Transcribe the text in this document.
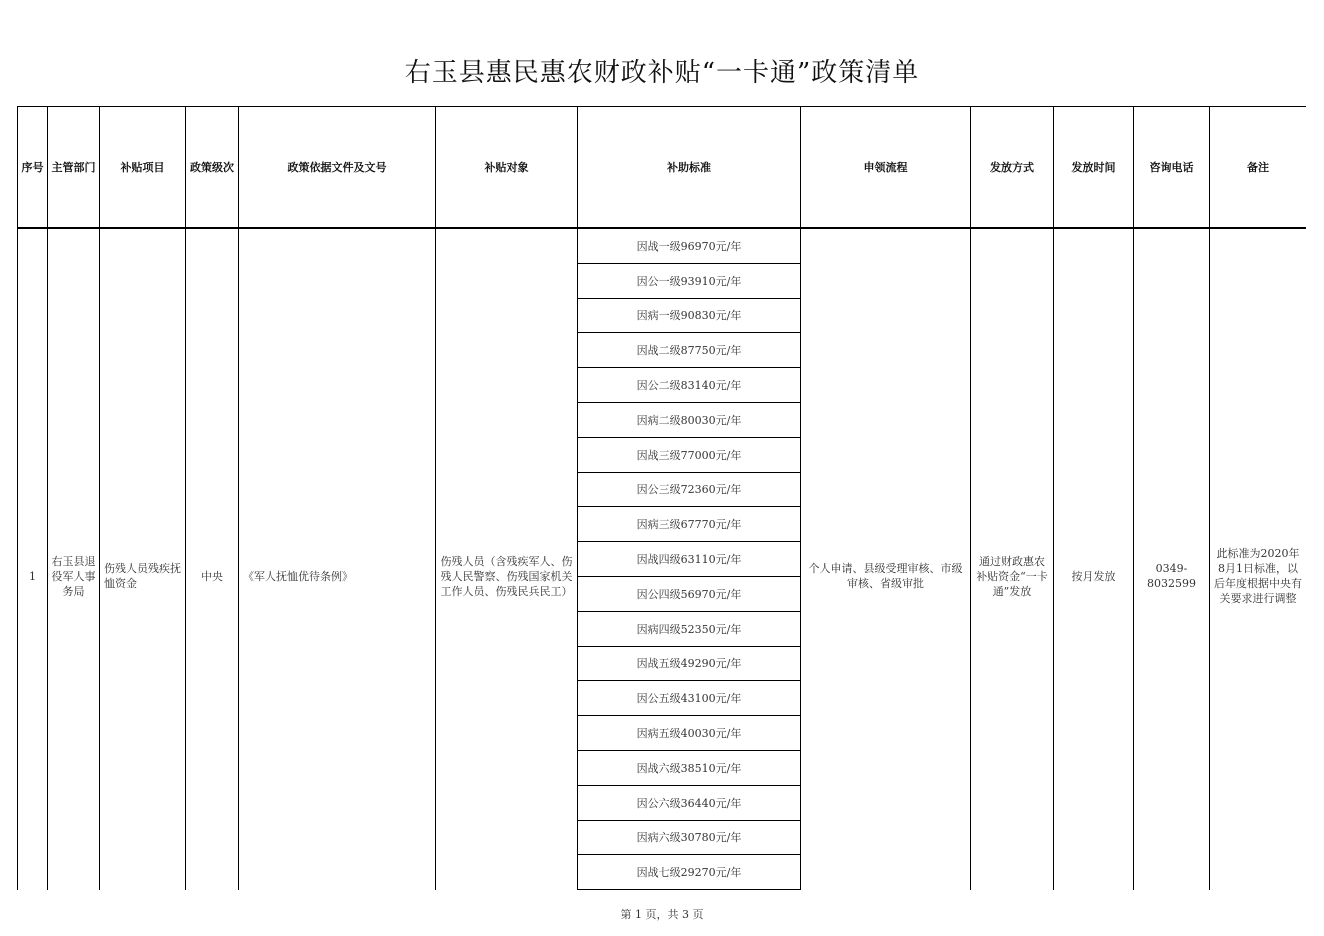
右玉县惠民惠农财政补贴“一卡通”政策清单
序号	主管部门	补贴项目	政策级次	政策依据文件及文号	补贴对象	补助标准	申领流程	发放方式	发放时间	咨询电话	备注
1	右玉县退役军人事务局	伤残人员残疾抚恤资金	中央	《军人抚恤优待条例》	伤残人员（含残疾军人、伤残人民警察、伤残国家机关工作人员、伤残民兵民工）	因战一级96970元/年	个人申请、县级受理审核、市级审核、省级审批	通过财政惠农补贴资金“一卡通”发放	按月发放	0349-8032599	此标准为2020年8月1日标准，以后年度根据中央有关要求进行调整
						因公一级93910元/年					
						因病一级90830元/年					
						因战二级87750元/年					
						因公二级83140元/年					
						因病二级80030元/年					
						因战三级77000元/年					
						因公三级72360元/年					
						因病三级67770元/年					
						因战四级63110元/年					
						因公四级56970元/年					
						因病四级52350元/年					
						因战五级49290元/年					
						因公五级43100元/年					
						因病五级40030元/年					
						因战六级38510元/年					
						因公六级36440元/年					
						因病六级30780元/年					
						因战七级29270元/年					

第 1 页，共 3 页
